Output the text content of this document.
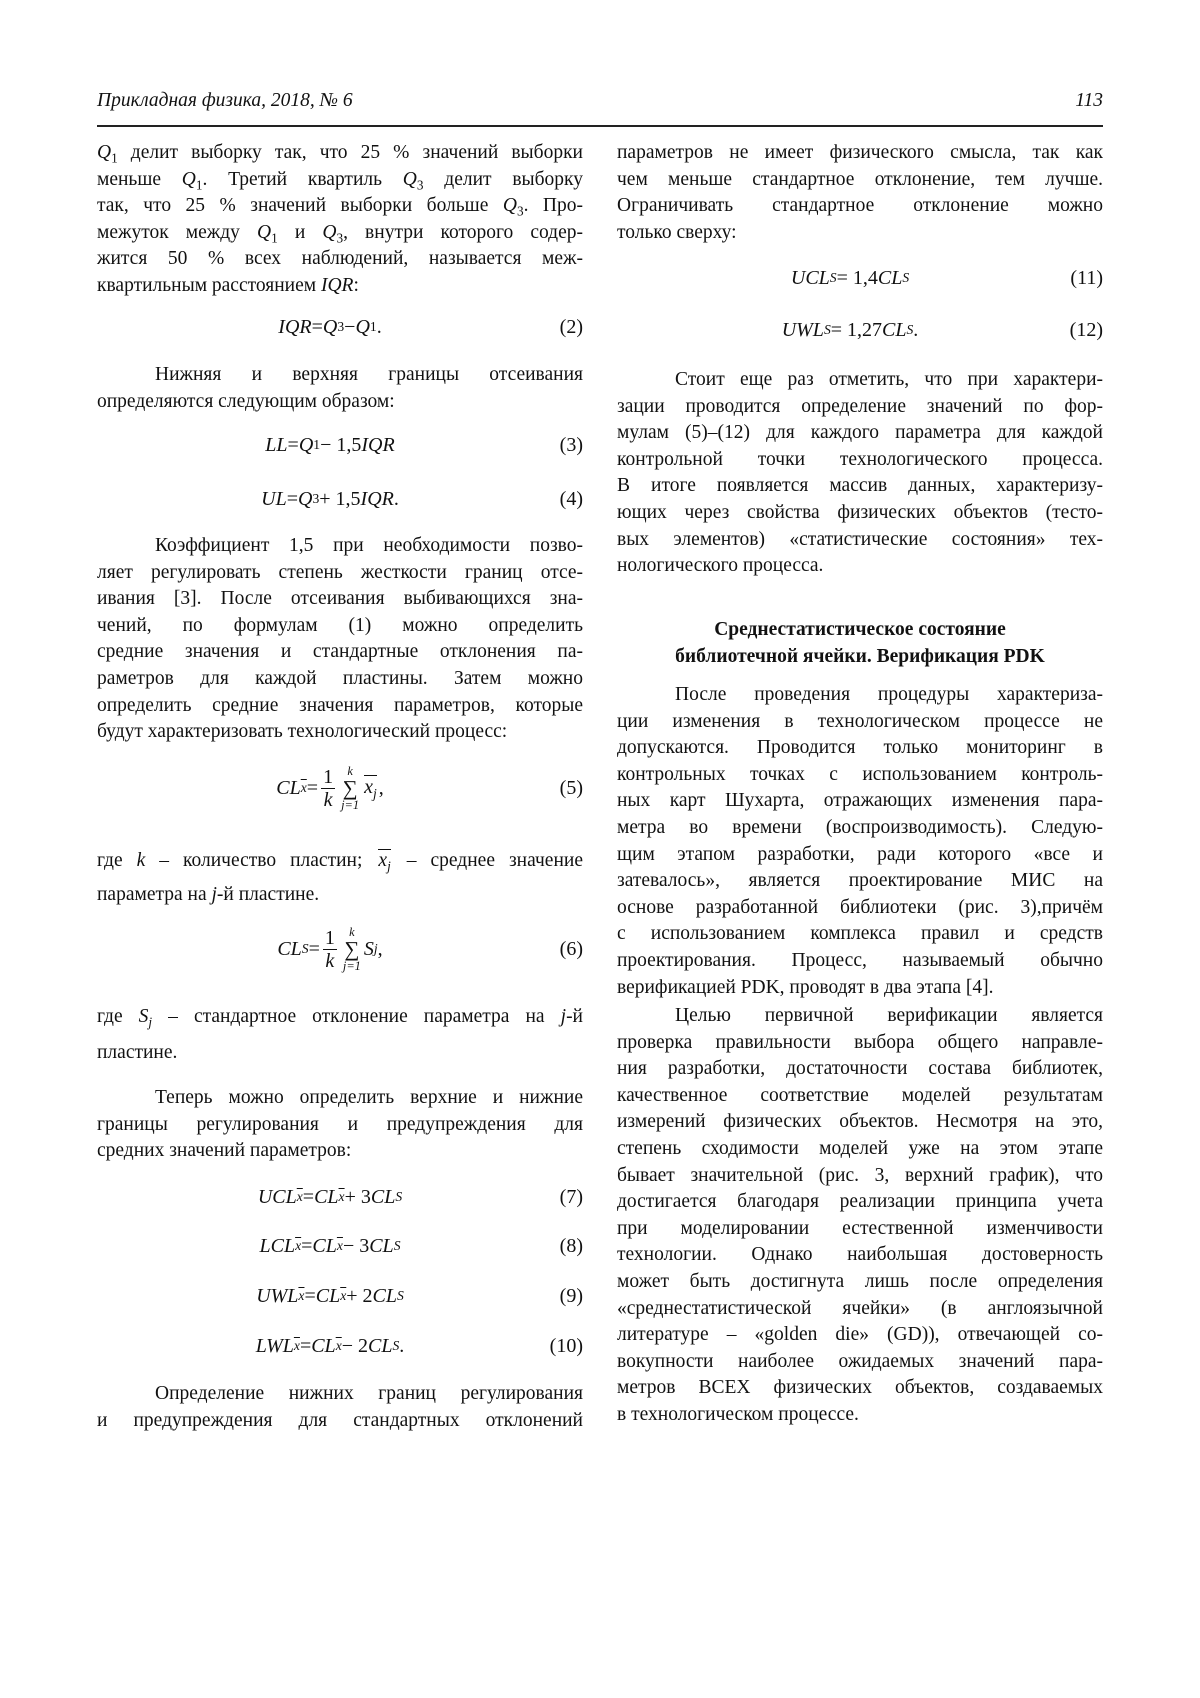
Прикладная физика, 2018, № 6	113
Q1 делит выборку так, что 25 % значений выборки
меньше Q1. Третий квартиль Q3 делит выборку
так, что 25 % значений выборки больше Q3. Про-
межуток между Q1 и Q3, внутри которого содер-
жится 50 % всех наблюдений, называется меж-
квартильным расстоянием IQR:
IQR = Q 3 − Q 1 .	(2)
Нижняя и верхняя границы отсеивания
определяются следующим образом:
LL = Q 1 − 1,5 IQR	(3)
UL = Q 3 + 1,5 IQR .	(4)
Коэффициент 1,5 при необходимости позво-
ляет регулировать степень жесткости границ отсе-
ивания [3]. После отсеивания выбивающихся зна-
чений, по формулам (1) можно определить
средние значения и стандартные отклонения па-
раметров для каждой пластины. Затем можно
определить средние значения параметров, которые
будут характеризовать технологический процесс:
CL x = 1
k
k
∑
j=1
xj ,	(5)
где k – количество пластин; xj – среднее значение
параметра на j-й пластине.
CL S = 1
k
k
∑
j=1
S j ,	(6)
где Sj – стандартное отклонение параметра на j-й
пластине.
Теперь можно определить верхние и нижние
границы регулирования и предупреждения для
средних значений параметров:
UCL x = CL x + 3 CL S	(7)
LCL x = CL x − 3 CL S	(8)
UWL x = CL x + 2 CL S	(9)
LWL x = CL x − 2 CL S .	(10)
Определение нижних границ регулирования
и предупреждения для стандартных отклонений
параметров не имеет физического смысла, так как
чем меньше стандартное отклонение, тем лучше.
Ограничивать стандартное отклонение можно
только сверху:
UCL S = 1,4 CL S	(11)
UWL S = 1,27 CL S .	(12)
Стоит еще раз отметить, что при характери-
зации проводится определение значений по фор-
мулам (5)–(12) для каждого параметра для каждой
контрольной точки технологического процесса.
В итоге появляется массив данных, характеризу-
ющих через свойства физических объектов (тесто-
вых элементов) «статистические состояния» тех-
нологического процесса.
Среднестатистическое состояние
библиотечной ячейки. Верификация PDK
После проведения процедуры характериза-
ции изменения в технологическом процессе не
допускаются. Проводится только мониторинг в
контрольных точках с использованием контроль-
ных карт Шухарта, отражающих изменения пара-
метра во времени (воспроизводимость). Следую-
щим этапом разработки, ради которого «все и
затевалось», является проектирование МИС на
основе разработанной библиотеки (рис. 3),причём
с использованием комплекса правил и средств
проектирования. Процесс, называемый обычно
верификацией PDK, проводят в два этапа [4].
Целью первичной верификации является
проверка правильности выбора общего направле-
ния разработки, достаточности состава библиотек,
качественное соответствие моделей результатам
измерений физических объектов. Несмотря на это,
степень сходимости моделей уже на этом этапе
бывает значительной (рис. 3, верхний график), что
достигается благодаря реализации принципа учета
при моделировании естественной изменчивости
технологии. Однако наибольшая достоверность
может быть достигнута лишь после определения
«среднестатистической ячейки» (в англоязычной
литературе – «golden die» (GD)), отвечающей со-
вокупности наиболее ожидаемых значений пара-
метров ВСЕХ физических объектов, создаваемых
в технологическом процессе.
